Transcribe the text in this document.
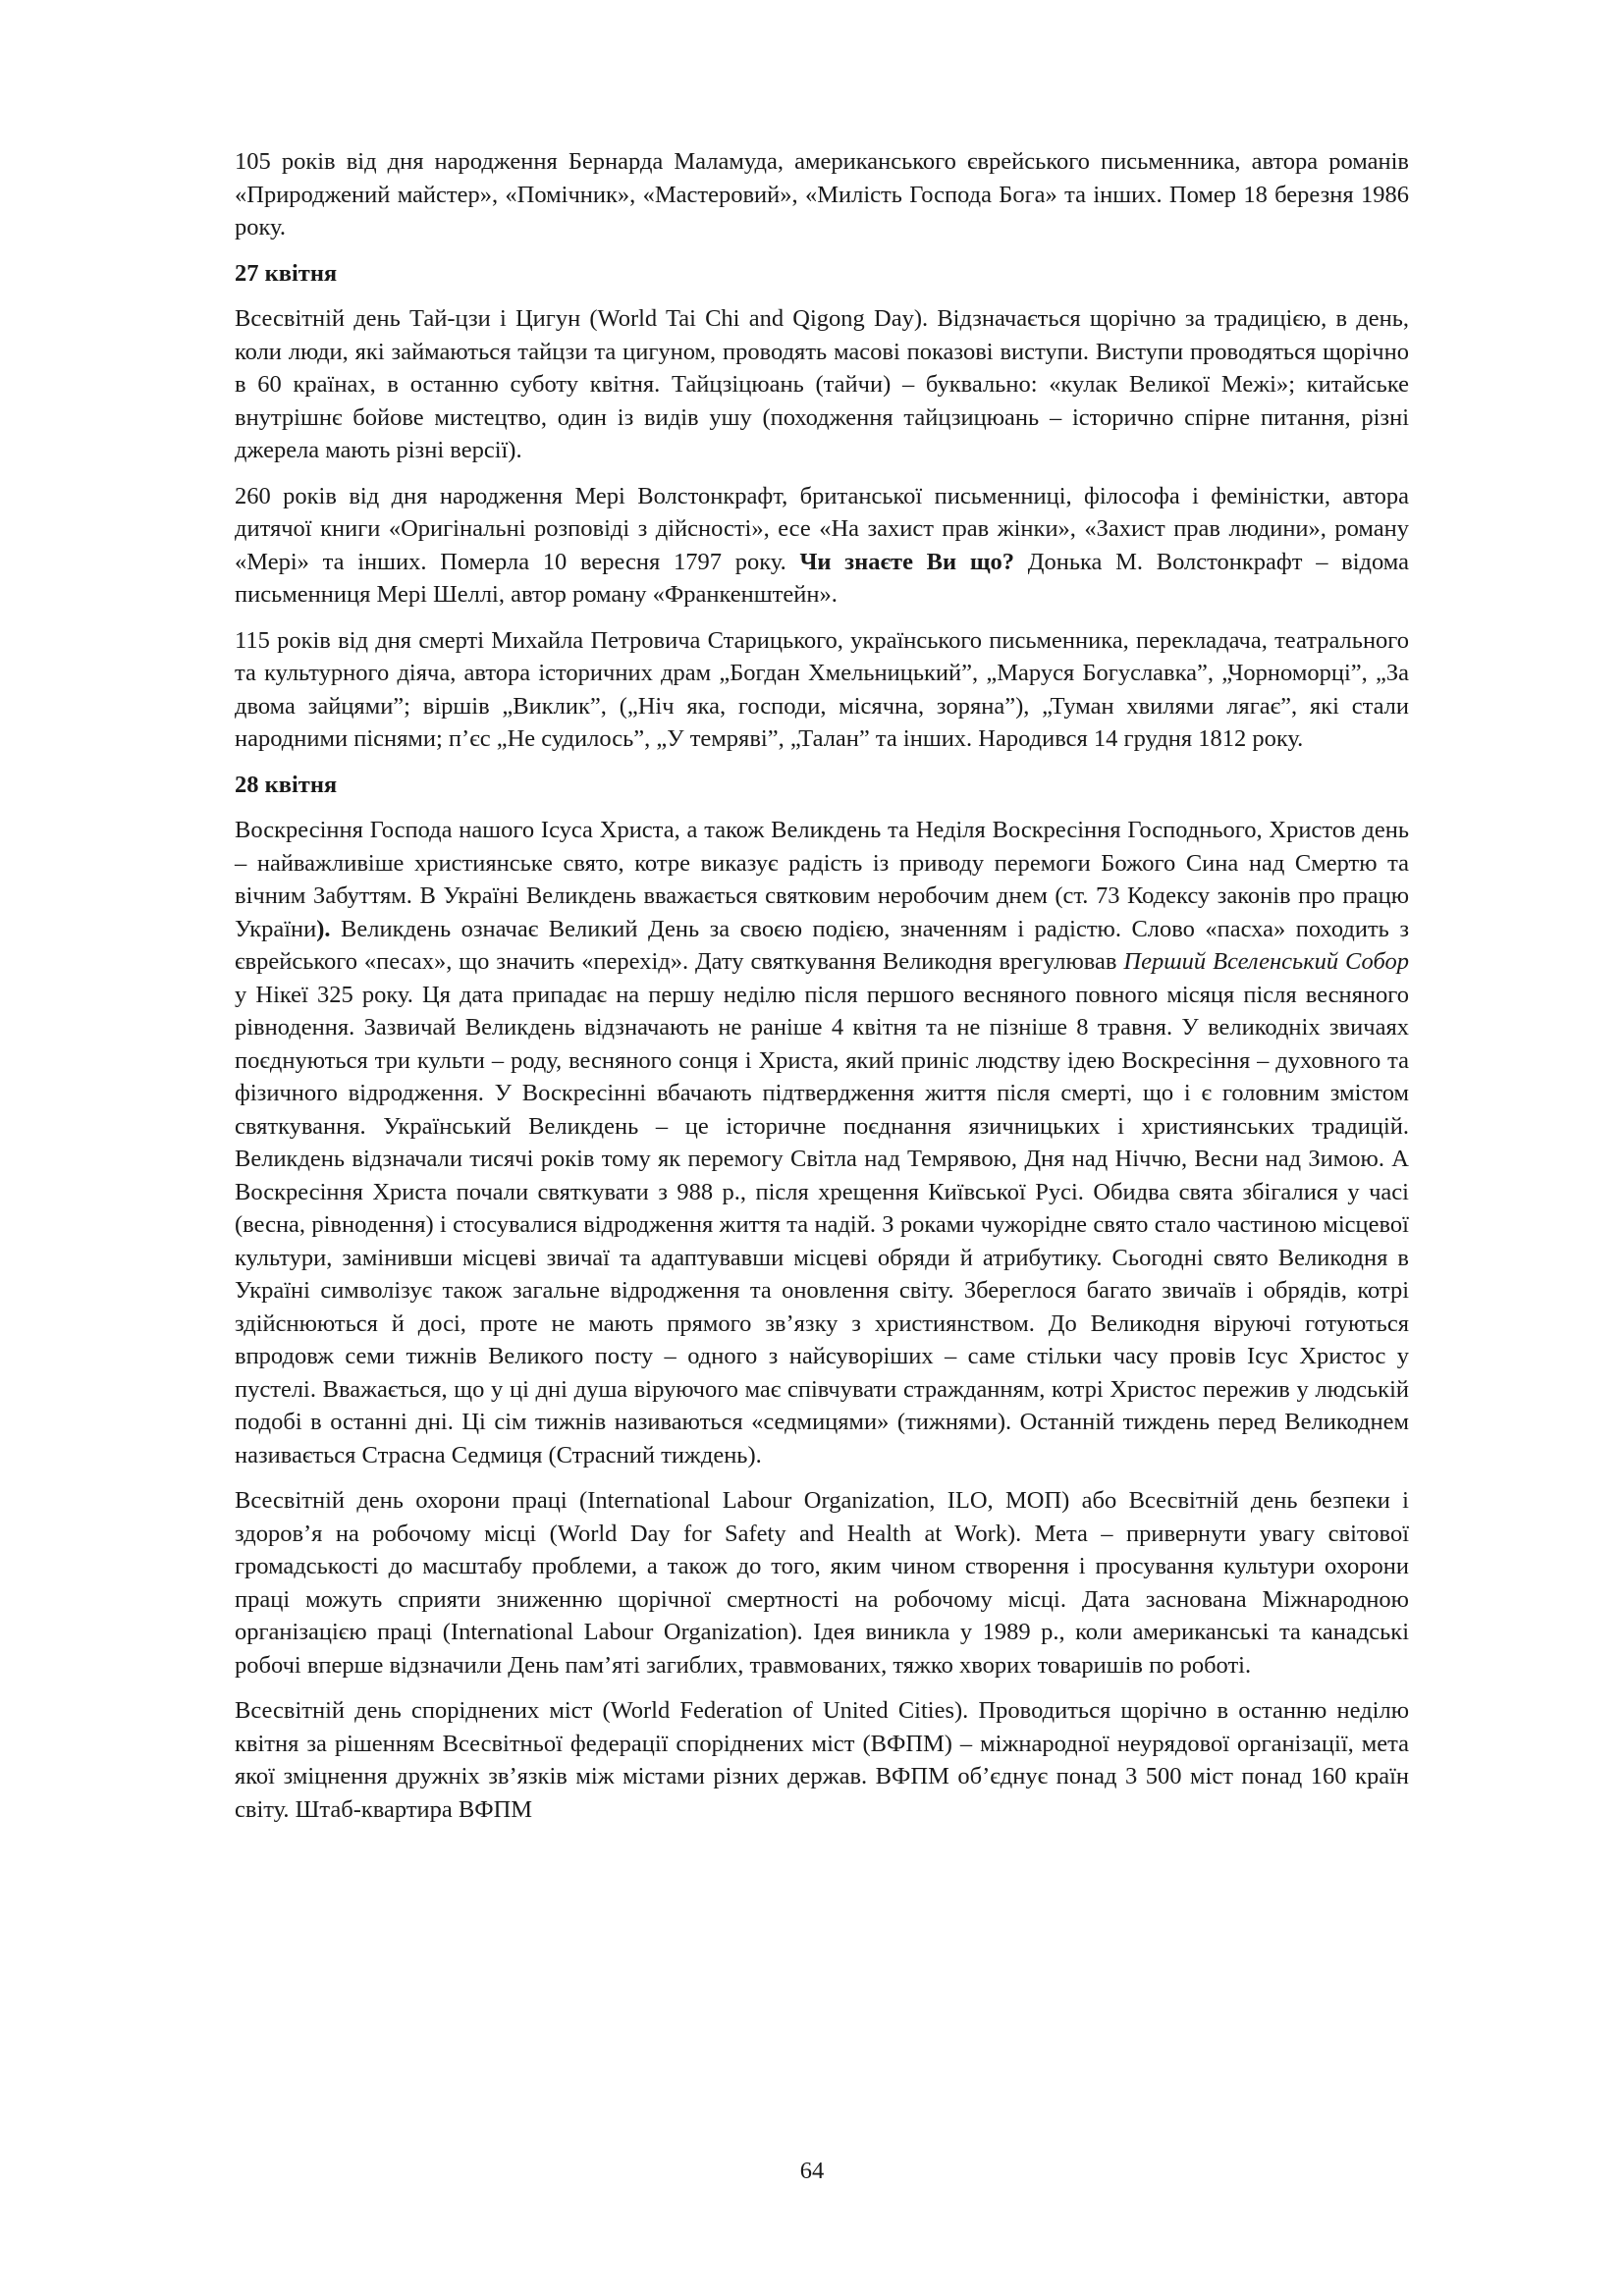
105 років від дня народження Бернарда Маламуда, американського єврейського письменника, автора романів «Природжений майстер», «Помічник», «Мастеровий», «Милість Господа Бога» та інших. Помер 18 березня 1986 року.

27 квітня

Всесвітній день Тай-цзи і Цигун (World Tai Chi and Qigong Day). Відзначається щорічно за традицією, в день, коли люди, які займаються тайцзи та цигуном, проводять масові показові виступи. Виступи проводяться щорічно в 60 країнах, в останню суботу квітня. Тайцзіцюань (тайчи) – буквально: «кулак Великої Межі»; китайське внутрішнє бойове мистецтво, один із видів ушу (походження тайцзицюань – історично спірне питання, різні джерела мають різні версії).

260 років від дня народження Мері Волстонкрафт, британської письменниці, філософа і феміністки, автора дитячої книги «Оригінальні розповіді з дійсності», есе «На захист прав жінки», «Захист прав людини», роману «Мері» та інших. Померла 10 вересня 1797 року. Чи знаєте Ви що? Донька М. Волстонкрафт – відома письменниця Мері Шеллі, автор роману «Франкенштейн».

115 років від дня смерті Михайла Петровича Старицького, українського письменника, перекладача, театрального та культурного діяча, автора історичних драм „Богдан Хмельницький”, „Маруся Богуславка”, „Чорноморці”, „За двома зайцями”; віршів „Виклик”, („Ніч яка, господи, місячна, зоряна”), „Туман хвилями лягає”, які стали народними піснями; п’єс „Не судилось”, „У темряві”, „Талан” та інших. Народився 14 грудня 1812 року.

28 квітня

Воскресіння Господа нашого Ісуса Христа, а також Великдень та Неділя Воскресіння Господнього, Христов день – найважливіше християнське свято, котре виказує радість із приводу перемоги Божого Сина над Смертю та вічним Забуттям. В Україні Великдень вважається святковим неробочим днем (ст. 73 Кодексу законів про працю України). Великдень означає Великий День за своєю подією, значенням і радістю. Слово «пасха» походить з єврейського «песах», що значить «перехід». Дату святкування Великодня врегулював Перший Вселенський Собор у Нікеї 325 року. Ця дата припадає на першу неділю після першого весняного повного місяця після весняного рівнодення. Зазвичай Великдень відзначають не раніше 4 квітня та не пізніше 8 травня. У великодніх звичаях поєднуються три культи – роду, весняного сонця і Христа, який приніс людству ідею Воскресіння – духовного та фізичного відродження. У Воскресінні вбачають підтвердження життя після смерті, що і є головним змістом святкування. Український Великдень – це історичне поєднання язичницьких і християнських традицій. Великдень відзначали тисячі років тому як перемогу Світла над Темрявою, Дня над Ніччю, Весни над Зимою. А Воскресіння Христа почали святкувати з 988 р., після хрещення Київської Русі. Обидва свята збігалися у часі (весна, рівнодення) і стосувалися відродження життя та надій. З роками чужорідне свято стало частиною місцевої культури, замінивши місцеві звичаї та адаптувавши місцеві обряди й атрибутику. Сьогодні свято Великодня в Україні символізує також загальне відродження та оновлення світу. Збереглося багато звичаїв і обрядів, котрі здійснюються й досі, проте не мають прямого зв’язку з християнством. До Великодня віруючі готуються впродовж семи тижнів Великого посту – одного з найсуворіших – саме стільки часу провів Ісус Христос у пустелі. Вважається, що у ці дні душа віруючого має співчувати стражданням, котрі Христос пережив у людській подобі в останні дні. Ці сім тижнів називаються «седмицями» (тижнями). Останній тиждень перед Великоднем називається Страсна Седмиця (Страсний тиждень).

Всесвітній день охорони праці (International Labour Organization, ILO, МОП) або Всесвітній день безпеки і здоров’я на робочому місці (World Day for Safety and Health at Work). Мета – привернути увагу світової громадськості до масштабу проблеми, а також до того, яким чином створення і просування культури охорони праці можуть сприяти зниженню щорічної смертності на робочому місці. Дата заснована Міжнародною організацією праці (International Labour Organization). Ідея виникла у 1989 р., коли американські та канадські робочі вперше відзначили День пам’яті загиблих, травмованих, тяжко хворих товаришів по роботі.

Всесвітній день споріднених міст (World Federation of United Cities). Проводиться щорічно в останню неділю квітня за рішенням Всесвітньої федерації споріднених міст (ВФПМ) – міжнародної неурядової організації, мета якої зміцнення дружніх зв’язків між містами різних держав. ВФПМ об’єднує понад 3 500 міст понад 160 країн світу. Штаб-квартира ВФПМ

64
